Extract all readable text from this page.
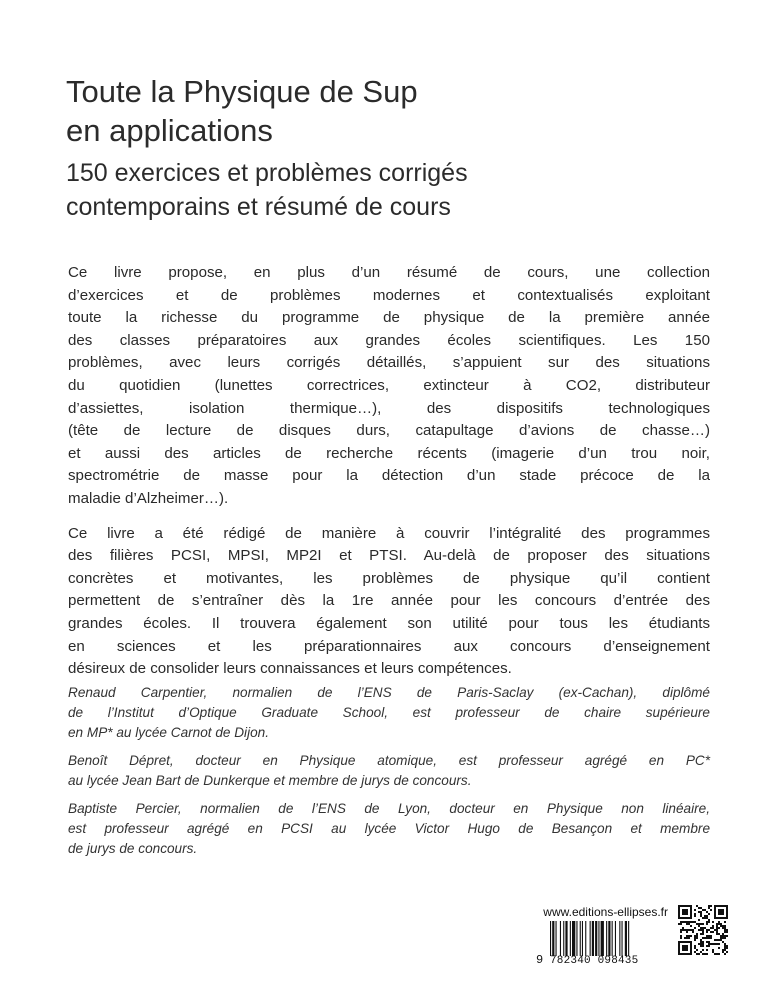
Toute la Physique de Sup
en applications
150 exercices et problèmes corrigés
contemporains et résumé de cours

Ce livre propose, en plus d’un résumé de cours, une collection
d’exercices et de problèmes modernes et contextualisés exploitant
toute la richesse du programme de physique de la première année
des classes préparatoires aux grandes écoles scientifiques. Les 150
problèmes, avec leurs corrigés détaillés, s’appuient sur des situations
du quotidien (lunettes correctrices, extincteur à CO2, distributeur
d’assiettes, isolation thermique…), des dispositifs technologiques
(tête de lecture de disques durs, catapultage d’avions de chasse…)
et aussi des articles de recherche récents (imagerie d’un trou noir,
spectrométrie de masse pour la détection d’un stade précoce de la
maladie d’Alzheimer…).

Ce livre a été rédigé de manière à couvrir l’intégralité des programmes
des filières PCSI, MPSI, MP2I et PTSI. Au-delà de proposer des situations
concrètes et motivantes, les problèmes de physique qu’il contient
permettent de s’entraîner dès la 1re année pour les concours d’entrée des
grandes écoles. Il trouvera également son utilité pour tous les étudiants
en sciences et les préparationnaires aux concours d’enseignement
désireux de consolider leurs connaissances et leurs compétences.

Renaud Carpentier, normalien de l’ENS de Paris-Saclay (ex-Cachan), diplômé
de l’Institut d’Optique Graduate School, est professeur de chaire supérieure
en MP* au lycée Carnot de Dijon.

Benoît Dépret, docteur en Physique atomique, est professeur agrégé en PC*
au lycée Jean Bart de Dunkerque et membre de jurys de concours.

Baptiste Percier, normalien de l’ENS de Lyon, docteur en Physique non linéaire,
est professeur agrégé en PCSI au lycée Victor Hugo de Besançon et membre
de jurys de concours.

www.editions-ellipses.fr
9 782340 098435
